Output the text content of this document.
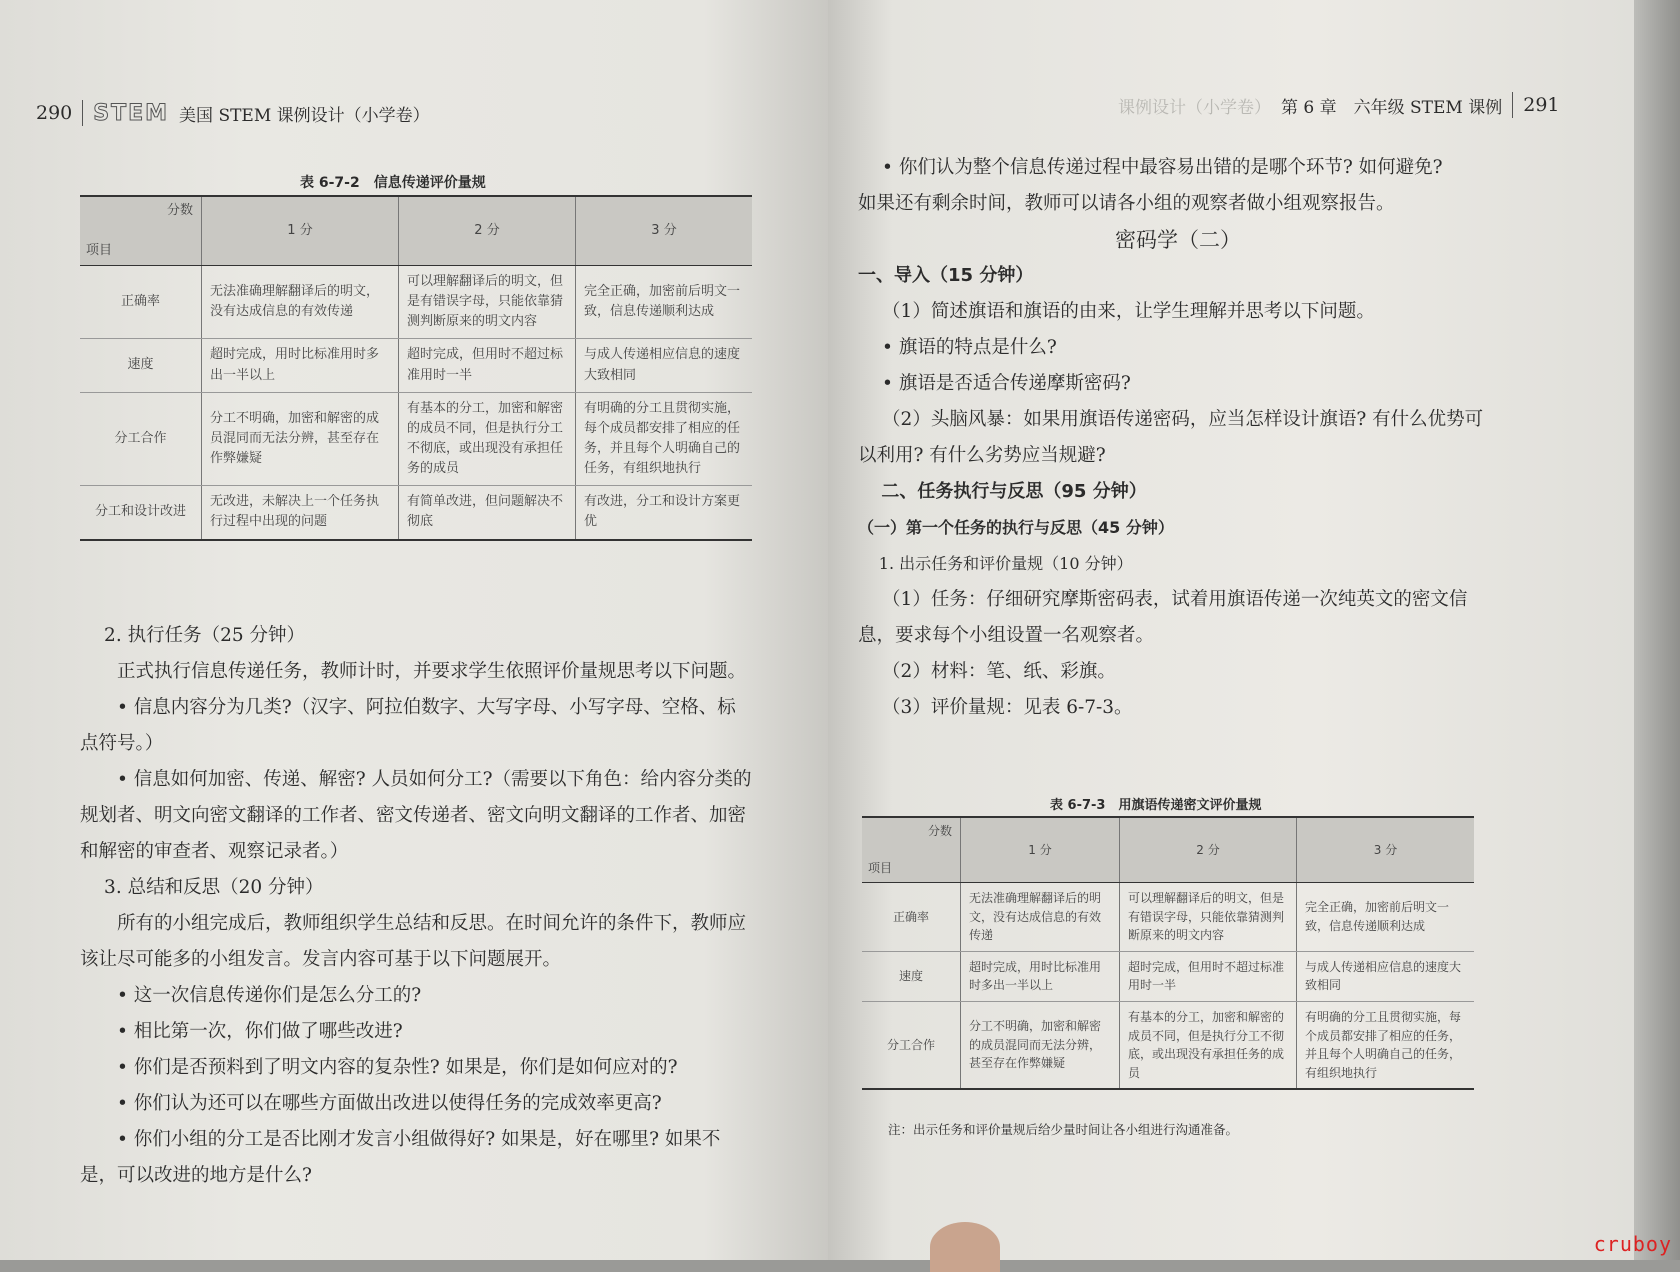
290 STEM 美国 STEM 课例设计（小学卷）
表 6-7-2　信息传递评价量规
分数
项目	1 分	2 分	3 分
正确率	无法准确理解翻译后的明文，没有达成信息的有效传递	可以理解翻译后的明文，但是有错误字母，只能依靠猜测判断原来的明文内容	完全正确，加密前后明文一致，信息传递顺利达成
速度	超时完成，用时比标准用时多出一半以上	超时完成，但用时不超过标准用时一半	与成人传递相应信息的速度大致相同
分工合作	分工不明确，加密和解密的成员混同而无法分辨，甚至存在作弊嫌疑	有基本的分工，加密和解密的成员不同，但是执行分工不彻底，或出现没有承担任务的成员	有明确的分工且贯彻实施，每个成员都安排了相应的任务，并且每个人明确自己的任务，有组织地执行
分工和设计改进	无改进，未解决上一个任务执行过程中出现的问题	有简单改进，但问题解决不彻底	有改进，分工和设计方案更优

2. 执行任务（25 分钟）

正式执行信息传递任务，教师计时，并要求学生依照评价量规思考以下问题。

• 信息内容分为几类?（汉字、阿拉伯数字、大写字母、小写字母、空格、标点符号。）

• 信息如何加密、传递、解密? 人员如何分工?（需要以下角色：给内容分类的规划者、明文向密文翻译的工作者、密文传递者、密文向明文翻译的工作者、加密和解密的审查者、观察记录者。）

3. 总结和反思（20 分钟）

所有的小组完成后，教师组织学生总结和反思。在时间允许的条件下，教师应该让尽可能多的小组发言。发言内容可基于以下问题展开。

• 这一次信息传递你们是怎么分工的?

• 相比第一次，你们做了哪些改进?

• 你们是否预料到了明文内容的复杂性? 如果是，你们是如何应对的?

• 你们认为还可以在哪些方面做出改进以使得任务的完成效率更高?

• 你们小组的分工是否比刚才发言小组做得好? 如果是，好在哪里? 如果不是，可以改进的地方是什么?

课例设计（小学卷） 第 6 章　六年级 STEM 课例 291

• 你们认为整个信息传递过程中最容易出错的是哪个环节? 如何避免?

如果还有剩余时间，教师可以请各小组的观察者做小组观察报告。

密码学（二）

一、导入（15 分钟）

（1）简述旗语和旗语的由来，让学生理解并思考以下问题。

• 旗语的特点是什么?

• 旗语是否适合传递摩斯密码?

（2）头脑风暴：如果用旗语传递密码，应当怎样设计旗语? 有什么优势可以利用? 有什么劣势应当规避?

二、任务执行与反思（95 分钟）

（一）第一个任务的执行与反思（45 分钟）

1. 出示任务和评价量规（10 分钟）

（1）任务：仔细研究摩斯密码表，试着用旗语传递一次纯英文的密文信息，要求每个小组设置一名观察者。

（2）材料：笔、纸、彩旗。

（3）评价量规：见表 6-7-3。

表 6-7-3　用旗语传递密文评价量规
分数
项目	1 分	2 分	3 分
正确率	无法准确理解翻译后的明文，没有达成信息的有效传递	可以理解翻译后的明文，但是有错误字母，只能依靠猜测判断原来的明文内容	完全正确，加密前后明文一致，信息传递顺利达成
速度	超时完成，用时比标准用时多出一半以上	超时完成，但用时不超过标准用时一半	与成人传递相应信息的速度大致相同
分工合作	分工不明确，加密和解密的成员混同而无法分辨，甚至存在作弊嫌疑	有基本的分工，加密和解密的成员不同，但是执行分工不彻底，或出现没有承担任务的成员	有明确的分工且贯彻实施，每个成员都安排了相应的任务，并且每个人明确自己的任务，有组织地执行
注：出示任务和评价量规后给少量时间让各小组进行沟通准备。
cruboy
